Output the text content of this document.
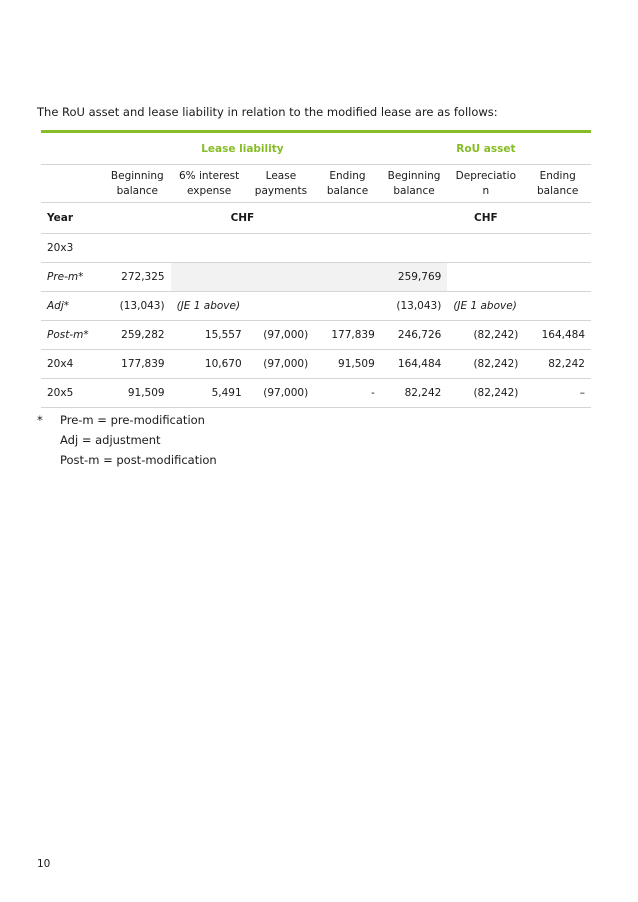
The RoU asset and lease liability in relation to the modified lease are as follows:
	Lease liability				RoU asset		
	Beginning balance	6% interest expense	Lease payments	Ending balance	Beginning balance	Depreciatio n	Ending balance
Year	CHF				CHF		
20x3							
Pre-m*	272,325				259,769		
Adj*	(13,043)	(JE 1 above)			(13,043)	(JE 1 above)	
Post-m*	259,282	15,557	(97,000)	177,839	246,726	(82,242)	164,484
20x4	177,839	10,670	(97,000)	91,509	164,484	(82,242)	82,242
20x5	91,509	5,491	(97,000)	-	82,242	(82,242)	–
*	Pre-m = pre-modification
Adj = adjustment
Post-m = post-modification
10
